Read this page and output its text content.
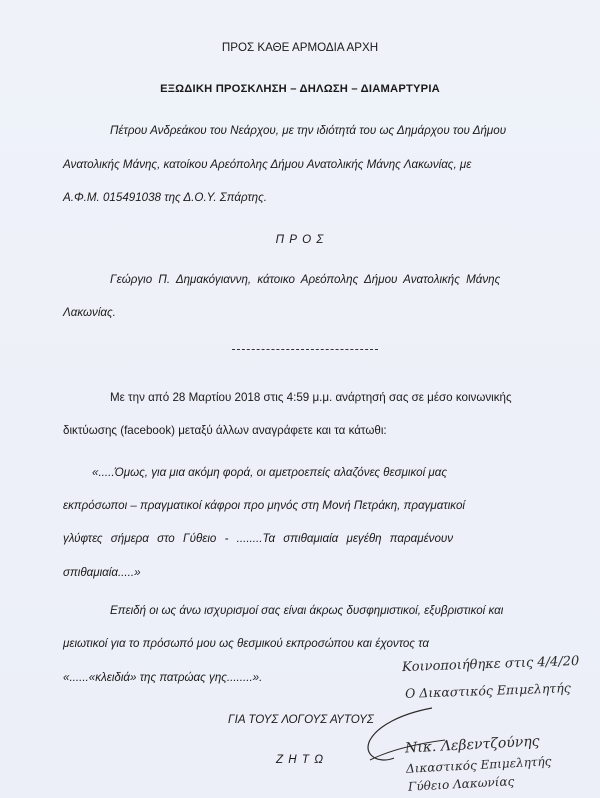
ΠΡΟΣ ΚΑΘΕ ΑΡΜΟΔΙΑ ΑΡΧΗ
ΕΞΩΔΙΚΗ ΠΡΟΣΚΛΗΣΗ – ΔΗΛΩΣΗ – ΔΙΑΜΑΡΤΥΡΙΑ
Πέτρου Ανδρεάκου του Νεάρχου, με την ιδιότητά του ως Δημάρχου του Δήμου
Ανατολικής Μάνης, κατοίκου Αρεόπολης Δήμου Ανατολικής Μάνης Λακωνίας, με
Α.Φ.Μ. 015491038 της Δ.Ο.Υ. Σπάρτης.
Π Ρ Ο Σ
Γεώργιο Π. Δημακόγιαννη, κάτοικο Αρεόπολης Δήμου Ανατολικής Μάνης
Λακωνίας.
Με την από 28 Μαρτίου 2018 στις 4:59 μ.μ. ανάρτησή σας σε μέσο κοινωνικής
δικτύωσης (facebook) μεταξύ άλλων αναγράφετε και τα κάτωθι:
«.....Όμως, για μια ακόμη φορά, οι αμετροεπείς αλαζόνες θεσμικοί μας
εκπρόσωποι – πραγματικοί κάφροι προ μηνός στη Μονή Πετράκη, πραγματικοί
γλύφτες σήμερα στο Γύθειο - ........Τα σπιθαμιαία μεγέθη παραμένουν
σπιθαμιαία.....»
Επειδή οι ως άνω ισχυρισμοί σας είναι άκρως δυσφημιστικοί, εξυβριστικοί και
μειωτικοί για το πρόσωπό μου ως θεσμικού εκπροσώπου και έχοντος τα
«......«κλειδιά» της πατρώας γης........».
ΓΙΑ ΤΟΥΣ ΛΟΓΟΥΣ ΑΥΤΟΥΣ
Ζ Η Τ Ω
Κοινοποιήθηκε στις 4/4/20
Ο Δικαστικός Επιμελητής
Νικ. Λεβεντζούνης
Δικαστικός Επιμελητής
Γύθειο Λακωνίας
